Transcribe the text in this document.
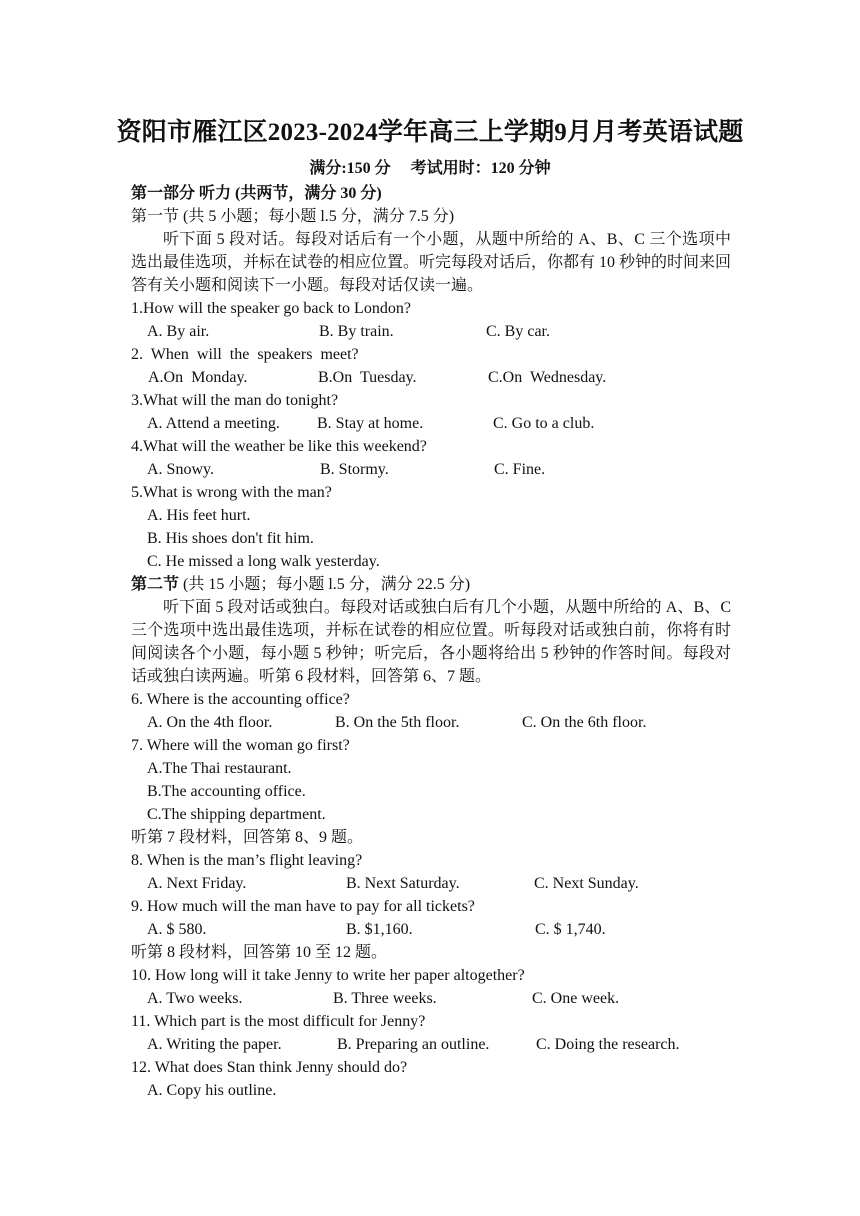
资阳市雁江区2023-2024学年高三上学期9月月考英语试题
满分:150 分 考试用时：120 分钟
第一部分 听力 (共两节，满分 30 分)
第一节 (共 5 小题；每小题 l.5 分，满分 7.5 分)
听下面 5 段对话。每段对话后有一个小题，从题中所给的 A、B、C 三个选项中选出最佳选项，并标在试卷的相应位置。听完每段对话后，你都有 10 秒钟的时间来回答有关小题和阅读下一小题。每段对话仅读一遍。
1.How will the speaker go back to London?
A. By air.	B. By train.	C. By car.
2.  When  will  the  speakers  meet?
A.On  Monday.	B.On  Tuesday.	C.On  Wednesday.
3.What will the man do tonight?
A. Attend a meeting. B. Stay at home.	C. Go to a club.
4.What will the weather be like this weekend?
A. Snowy.	B. Stormy.	C. Fine.
5.What is wrong with the man?
A. His feet hurt.
B. His shoes don't fit him.
C. He missed a long walk yesterday.
第二节 (共 15 小题；每小题 l.5 分，满分 22.5 分)
听下面 5 段对话或独白。每段对话或独白后有几个小题，从题中所给的 A、B、C 三个选项中选出最佳选项，并标在试卷的相应位置。听每段对话或独白前，你将有时间阅读各个小题，每小题 5 秒钟；听完后，各小题将给出 5 秒钟的作答时间。每段对话或独白读两遍。听第 6 段材料，回答第 6、7 题。
6. Where is the accounting office?
A. On the 4th floor.	B. On the 5th floor.	C. On the 6th floor.
7. Where will the woman go first?
A.The Thai restaurant.
B.The accounting office.
C.The shipping department.
听第 7 段材料，回答第 8、9 题。
8. When is the man’s flight leaving?
A. Next Friday.	B. Next Saturday.	C. Next Sunday.
9. How much will the man have to pay for all tickets?
A. $ 580.	B. $1,160.	C. $ 1,740.
听第 8 段材料，回答第 10 至 12 题。
10. How long will it take Jenny to write her paper altogether?
A. Two weeks.	B. Three weeks.	C. One week.
11. Which part is the most difficult for Jenny?
A. Writing the paper.	B. Preparing an outline.	C. Doing the research.
12. What does Stan think Jenny should do?
A. Copy his outline.
